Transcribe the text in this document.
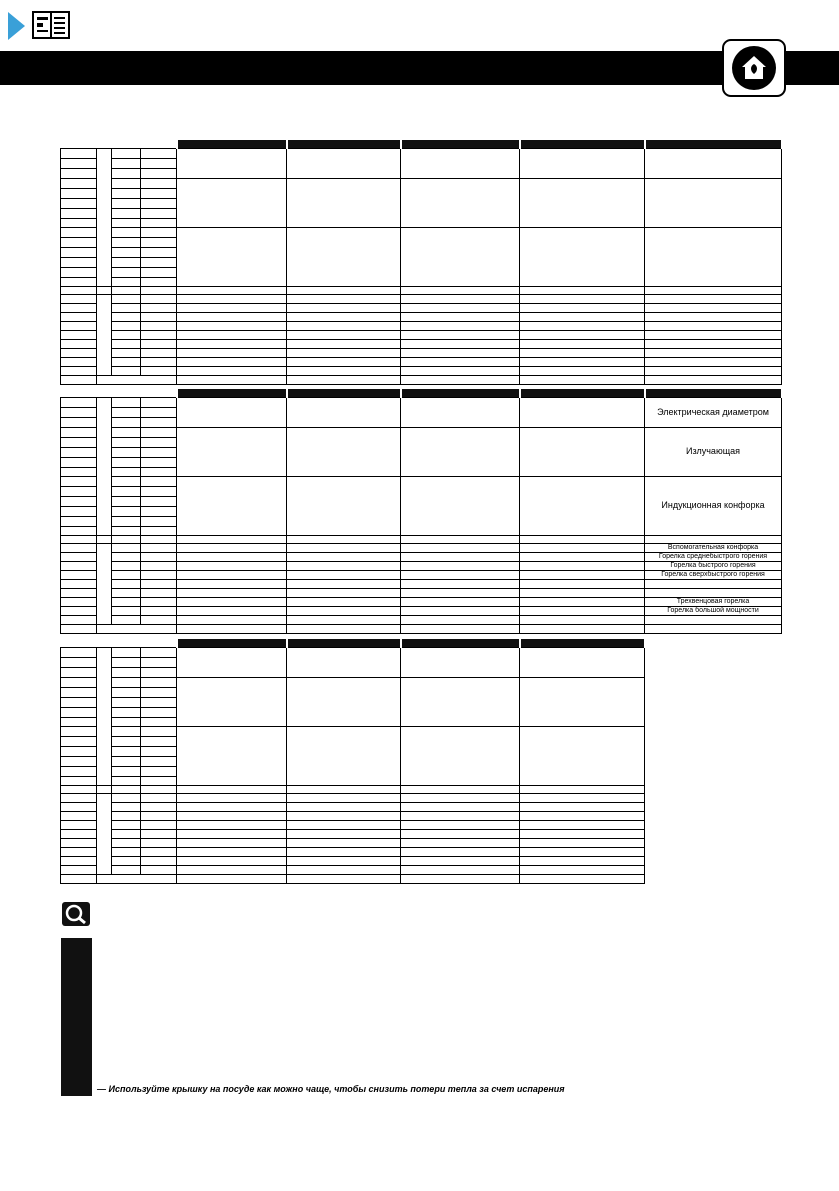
								Электрическая диаметром

								Излучающая

								Индукционная конфорка

								Вспомогательная конфорка
								Горелка среднебыстрого горения
								Горелка быстрого горения
								Горелка сверхбыстрого горения

								Трехвенцовая горелка
								Горелка большой мощности

— Используйте крышку на посуде как можно чаще, чтобы снизить потери тепла за счет испарения
